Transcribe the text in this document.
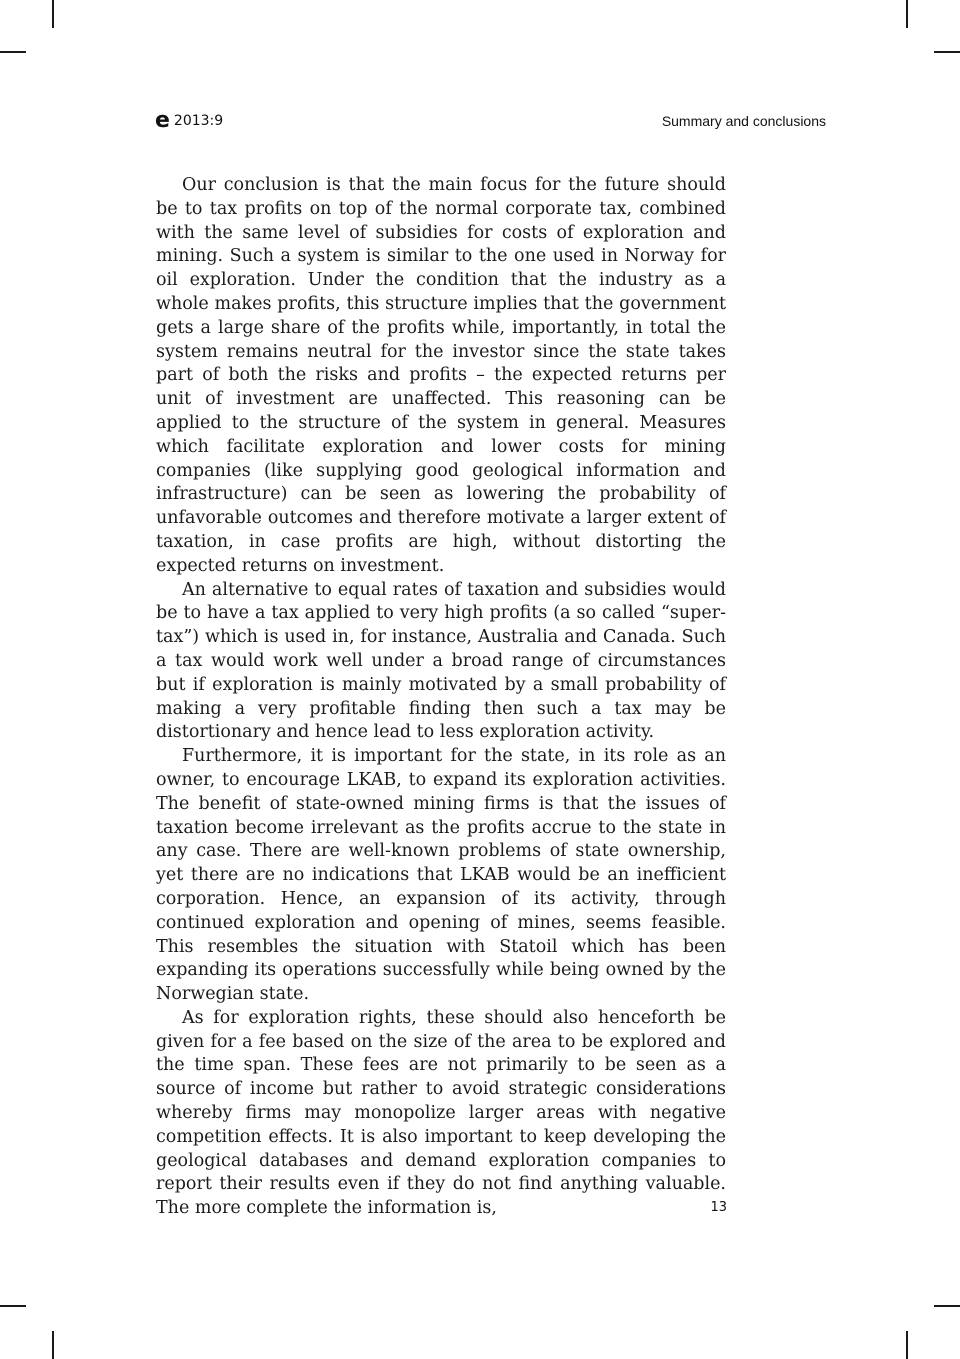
e 2013:9	Summary and conclusions

Our conclusion is that the main focus for the future should be to tax profits on top of the normal corporate tax, combined with the same level of subsidies for costs of exploration and mining. Such a system is similar to the one used in Norway for oil exploration. Under the condition that the industry as a whole makes profits, this structure implies that the government gets a large share of the profits while, importantly, in total the system remains neutral for the investor since the state takes part of both the risks and profits – the expected returns per unit of investment are unaffected. This reasoning can be applied to the structure of the system in general. Measures which facilitate exploration and lower costs for mining companies (like supplying good geological information and infrastructure) can be seen as lowering the probability of unfavorable outcomes and therefore motivate a larger extent of taxation, in case profits are high, without distorting the expected returns on investment.

An alternative to equal rates of taxation and subsidies would be to have a tax applied to very high profits (a so called “super-tax”) which is used in, for instance, Australia and Canada. Such a tax would work well under a broad range of circumstances but if exploration is mainly motivated by a small probability of making a very profitable finding then such a tax may be distortionary and hence lead to less exploration activity.

Furthermore, it is important for the state, in its role as an owner, to encourage LKAB, to expand its exploration activities. The benefit of state-owned mining firms is that the issues of taxation become irrelevant as the profits accrue to the state in any case. There are well-known problems of state ownership, yet there are no indications that LKAB would be an inefficient corporation. Hence, an expansion of its activity, through continued exploration and opening of mines, seems feasible. This resembles the situation with Statoil which has been expanding its operations successfully while being owned by the Norwegian state.

As for exploration rights, these should also henceforth be given for a fee based on the size of the area to be explored and the time span. These fees are not primarily to be seen as a source of income but rather to avoid strategic considerations whereby firms may monopolize larger areas with negative competition effects. It is also important to keep developing the geological databases and demand exploration companies to report their results even if they do not find anything valuable. The more complete the information is,	13
